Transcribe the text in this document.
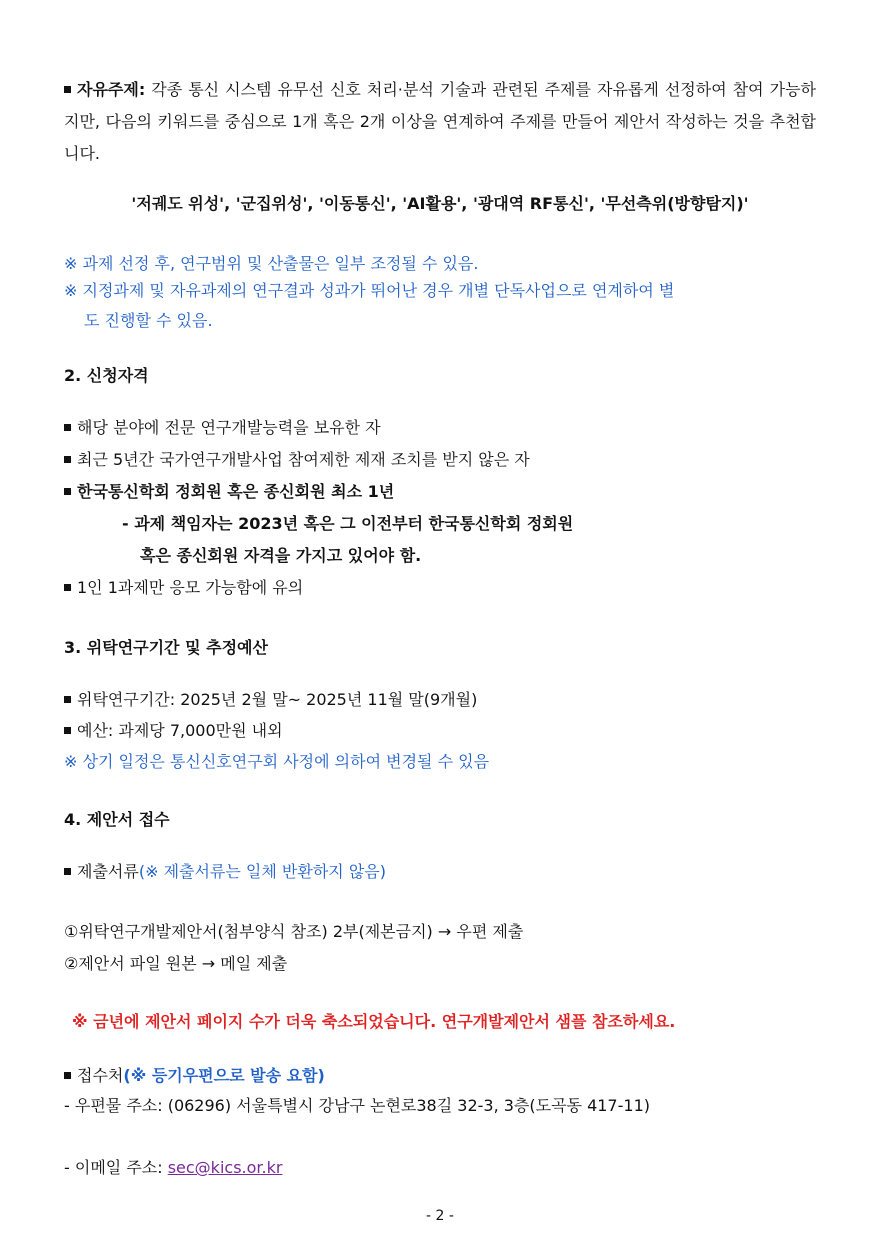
자유주제: 각종 통신 시스템 유무선 신호 처리·분석 기술과 관련된 주제를 자유롭게 선정하여 참여 가능하지만, 다음의 키워드를 중심으로 1개 혹은 2개 이상을 연계하여 주제를 만들어 제안서 작성하는 것을 추천합니다.
'저궤도 위성', '군집위성', '이동통신', 'AI활용', '광대역 RF통신', '무선측위(방향탐지)'
※ 과제 선정 후, 연구범위 및 산출물은 일부 조정될 수 있음.
※ 지정과제 및 자유과제의 연구결과 성과가 뛰어난 경우 개별 단독사업으로 연계하여 별
도 진행할 수 있음.
2. 신청자격
해당 분야에 전문 연구개발능력을 보유한 자
최근 5년간 국가연구개발사업 참여제한 제재 조치를 받지 않은 자
한국통신학회 정회원 혹은 종신회원 최소 1년
- 과제 책임자는 2023년 혹은 그 이전부터 한국통신학회 정회원
혹은 종신회원 자격을 가지고 있어야 함.
1인 1과제만 응모 가능함에 유의
3. 위탁연구기간 및 추정예산
위탁연구기간: 2025년 2월 말~ 2025년 11월 말(9개월)
예산: 과제당 7,000만원 내외
※ 상기 일정은 통신신호연구회 사정에 의하여 변경될 수 있음
4. 제안서 접수
제출서류(※ 제출서류는 일체 반환하지 않음)
①위탁연구개발제안서(첨부양식 참조) 2부(제본금지) → 우편 제출
②제안서 파일 원본 → 메일 제출
※ 금년에 제안서 페이지 수가 더욱 축소되었습니다. 연구개발제안서 샘플 참조하세요.
접수처(※ 등기우편으로 발송 요함)
- 우편물 주소: (06296) 서울특별시 강남구 논현로38길 32-3, 3층(도곡동 417-11)
- 이메일 주소: sec@kics.or.kr
- 2 -
